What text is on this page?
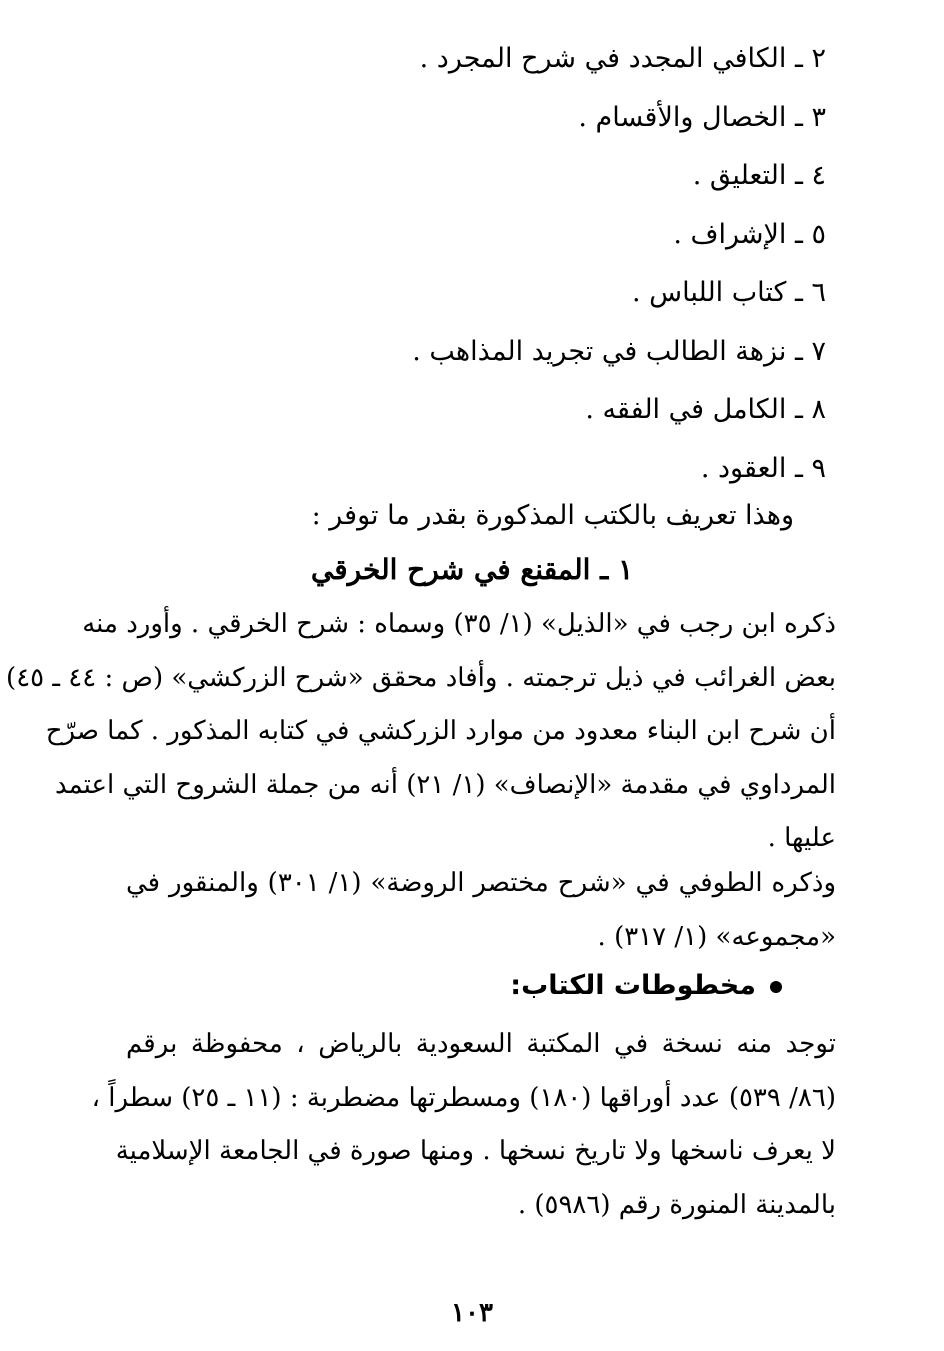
٢ ـ الكافي المجدد في شرح المجرد .
٣ ـ الخصال والأقسام .
٤ ـ التعليق .
٥ ـ الإشراف .
٦ ـ كتاب اللباس .
٧ ـ نزهة الطالب في تجريد المذاهب .
٨ ـ الكامل في الفقه .
٩ ـ العقود .
وهذا تعريف بالكتب المذكورة بقدر ما توفر :
١ ـ المقنع في شرح الخرقي
ذكره ابن رجب في «الذيل» (١/ ٣٥) وسماه : شرح الخرقي . وأورد منه
بعض الغرائب في ذيل ترجمته . وأفاد محقق «شرح الزركشي» (ص : ٤٤ ـ ٤٥)
أن شرح ابن البناء معدود من موارد الزركشي في كتابه المذكور . كما صرّح
المرداوي في مقدمة «الإنصاف» (١/ ٢١) أنه من جملة الشروح التي اعتمد
عليها .
وذكره الطوفي في «شرح مختصر الروضة» (١/ ٣٠١) والمنقور في
«مجموعه» (١/ ٣١٧) .
مخطوطات الكتاب:
توجد منه نسخة في المكتبة السعودية بالرياض ، محفوظة برقم
(٨٦/ ٥٣٩) عدد أوراقها (١٨٠) ومسطرتها مضطربة : (١١ ـ ٢٥) سطراً ،
لا يعرف ناسخها ولا تاريخ نسخها . ومنها صورة في الجامعة الإسلامية
بالمدينة المنورة رقم (٥٩٨٦) .
١٠٣
